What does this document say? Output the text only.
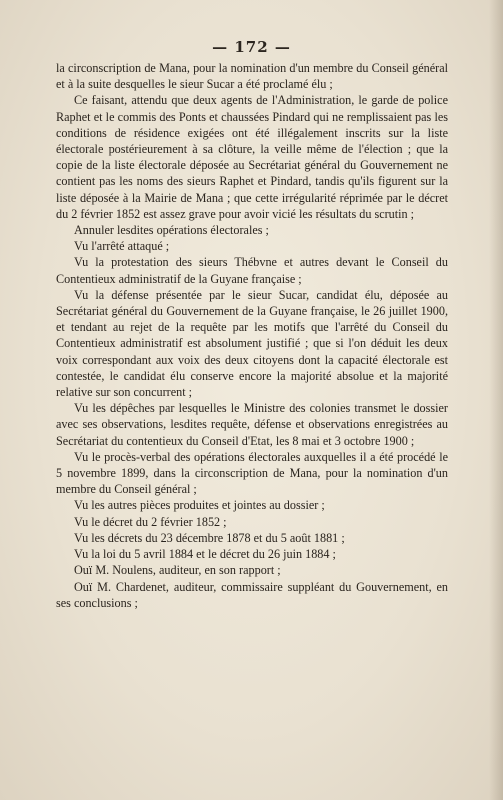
— 172 —

la circonscription de Mana, pour la nomination d'un membre du Conseil général et à la suite desquelles le sieur Sucar a été proclamé élu ;

Ce faisant, attendu que deux agents de l'Administration, le garde de police Raphet et le commis des Ponts et chaussées Pindard qui ne remplissaient pas les conditions de résidence exigées ont été illégalement inscrits sur la liste électorale postérieurement à sa clôture, la veille même de l'élection ; que la copie de la liste électorale déposée au Secrétariat général du Gouvernement ne contient pas les noms des sieurs Raphet et Pindard, tandis qu'ils figurent sur la liste déposée à la Mairie de Mana ; que cette irrégularité réprimée par le décret du 2 février 1852 est assez grave pour avoir vicié les résultats du scrutin ;

Annuler lesdites opérations électorales ;

Vu l'arrêté attaqué ;

Vu la protestation des sieurs Thébvne et autres devant le Conseil du Contentieux administratif de la Guyane française ;

Vu la défense présentée par le sieur Sucar, candidat élu, déposée au Secrétariat général du Gouvernement de la Guyane française, le 26 juillet 1900, et tendant au rejet de la requête par les motifs que l'arrêté du Conseil du Contentieux administratif est absolument justifié ; que si l'on déduit les deux voix correspondant aux voix des deux citoyens dont la capacité électorale est contestée, le candidat élu conserve encore la majorité absolue et la majorité relative sur son concurrent ;

Vu les dépêches par lesquelles le Ministre des colonies transmet le dossier avec ses observations, lesdites requête, défense et observations enregistrées au Secrétariat du contentieux du Conseil d'Etat, les 8 mai et 3 octobre 1900 ;

Vu le procès-verbal des opérations électorales auxquelles il a été procédé le 5 novembre 1899, dans la circonscription de Mana, pour la nomination d'un membre du Conseil général ;

Vu les autres pièces produites et jointes au dossier ;

Vu le décret du 2 février 1852 ;

Vu les décrets du 23 décembre 1878 et du 5 août 1881 ;

Vu la loi du 5 avril 1884 et le décret du 26 juin 1884 ;

Ouï M. Noulens, auditeur, en son rapport ;

Ouï M. Chardenet, auditeur, commissaire suppléant du Gouvernement, en ses conclusions ;
